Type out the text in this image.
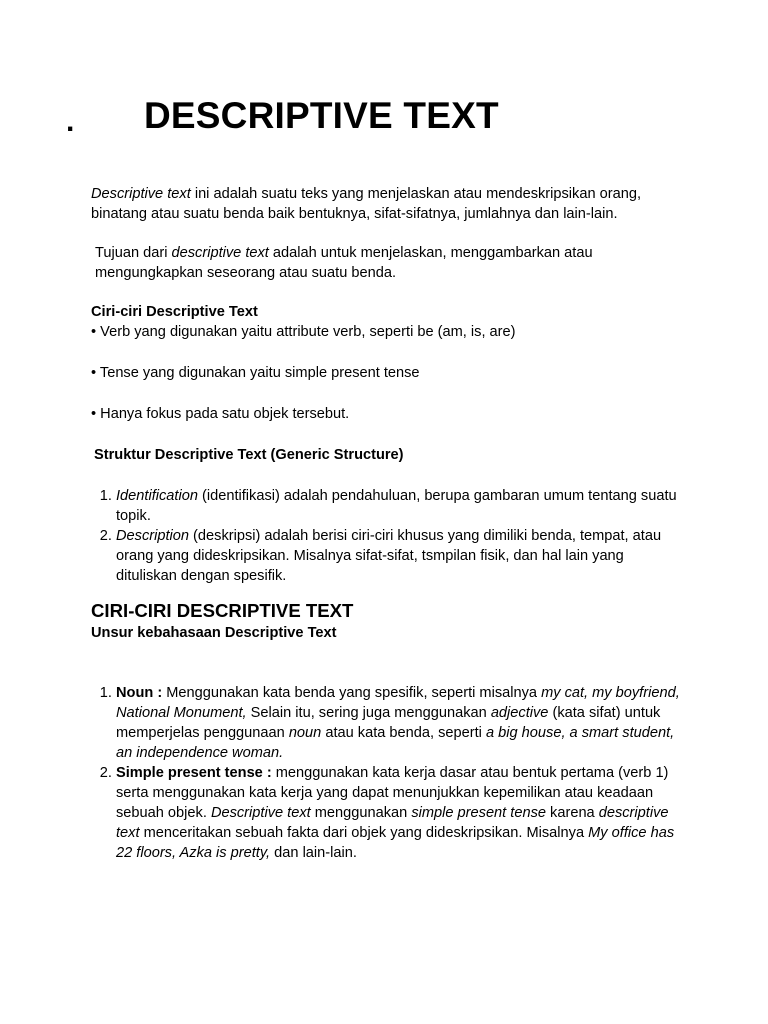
. DESCRIPTIVE TEXT

Descriptive text ini adalah suatu teks yang menjelaskan atau mendeskripsikan orang, binatang atau suatu benda baik bentuknya, sifat-sifatnya, jumlahnya dan lain-lain.

Tujuan dari descriptive text adalah untuk menjelaskan, menggambarkan atau mengungkapkan seseorang atau suatu benda.

Ciri-ciri Descriptive Text

• Verb yang digunakan yaitu attribute verb, seperti be (am, is, are)

• Tense yang digunakan yaitu simple present tense

• Hanya fokus pada satu objek tersebut.

Struktur Descriptive Text (Generic Structure)

1. Identification (identifikasi) adalah pendahuluan, berupa gambaran umum tentang suatu topik.
2. Description (deskripsi) adalah berisi ciri-ciri khusus yang dimiliki benda, tempat, atau orang yang dideskripsikan. Misalnya sifat-sifat, tsmpilan fisik, dan hal lain yang dituliskan dengan spesifik.
CIRI-CIRI DESCRIPTIVE TEXT

Unsur kebahasaan Descriptive Text

1. Noun : Menggunakan kata benda yang spesifik, seperti misalnya my cat, my boyfriend, National Monument, Selain itu, sering juga menggunakan adjective (kata sifat) untuk memperjelas penggunaan noun atau kata benda, seperti a big house, a smart student, an independence woman.
2. Simple present tense : menggunakan kata kerja dasar atau bentuk pertama (verb 1) serta menggunakan kata kerja yang dapat menunjukkan kepemilikan atau keadaan sebuah objek. Descriptive text menggunakan simple present tense karena descriptive text menceritakan sebuah fakta dari objek yang dideskripsikan. Misalnya My office has 22 floors, Azka is pretty, dan lain-lain.
